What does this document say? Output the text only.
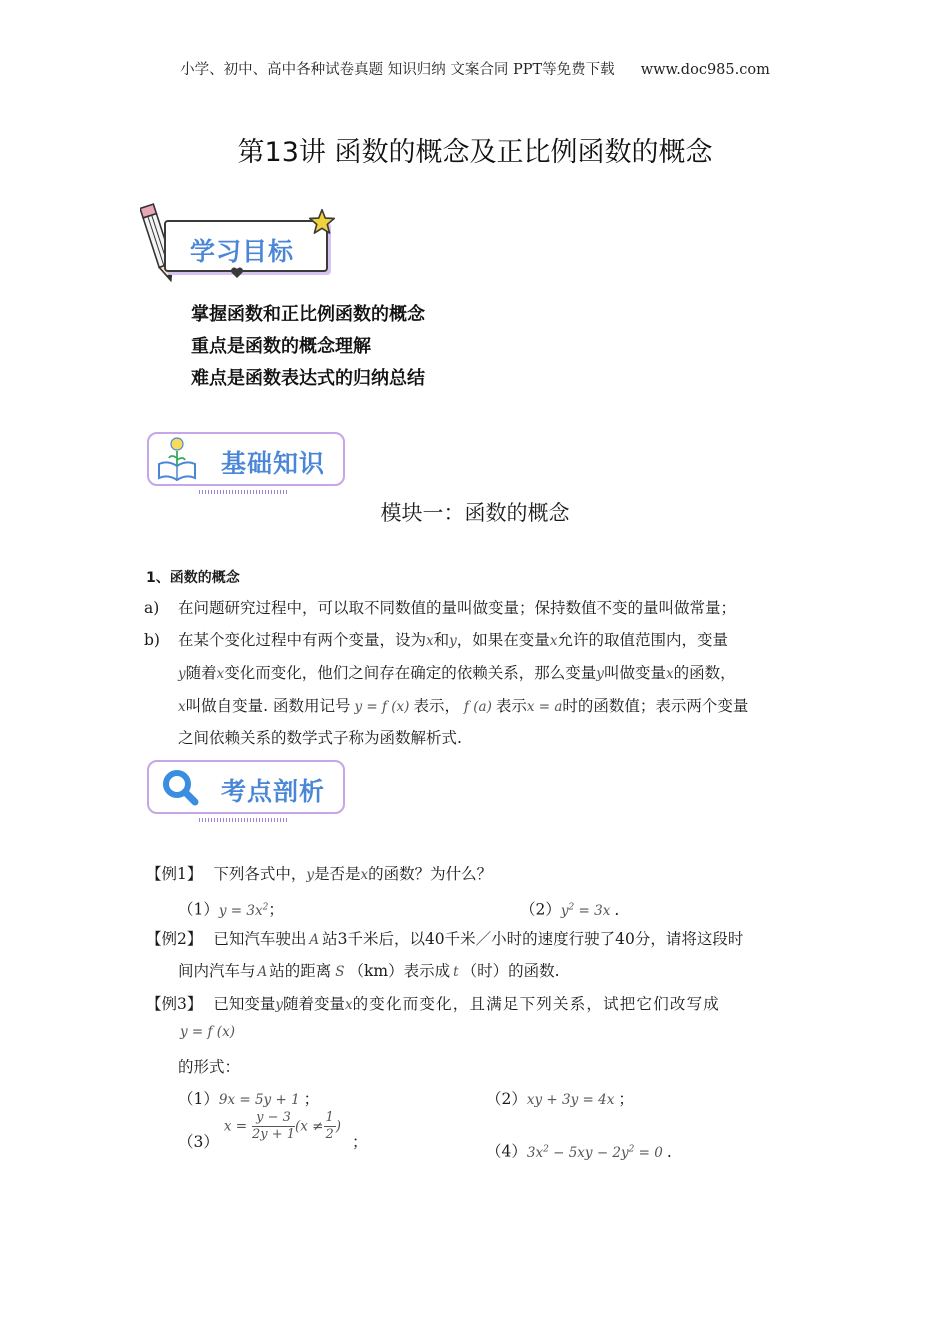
小学、初中、高中各种试卷真题 知识归纳 文案合同 PPT等免费下载 www.doc985.com
第13讲 函数的概念及正比例函数的概念
学习目标
掌握函数和正比例函数的概念
重点是函数的概念理解
难点是函数表达式的归纳总结
基础知识
模块一：函数的概念
1、函数的概念
a) 在问题研究过程中，可以取不同数值的量叫做变量；保持数值不变的量叫做常量；
b) 在某个变化过程中有两个变量，设为x和y，如果在变量x允许的取值范围内，变量
y随着x变化而变化，他们之间存在确定的依赖关系，那么变量y叫做变量x的函数，
x叫做自变量. 函数用记号 y = f (x) 表示， f (a) 表示x = a时的函数值；表示两个变量
之间依赖关系的数学式子称为函数解析式.
考点剖析
【例1】 下列各式中，y是否是x的函数？为什么？
$(1)y = 3x^2$；	$(2)y^2 = 3x$ .
【例2】 已知汽车驶出 A 站3千米后，以40千米／小时的速度行驶了40分，请将这段时
间内汽车与 A 站的距离 S （km）表示成 t （时）的函数.
【例3】 已知变量y随着变量x的变化而变化，且满足下列关系，试把它们改写成
y = f (x)
的形式：
（1）9x = 5y + 1 ；	（2）xy + 3y = 4x ；
（3） $x = \frac{y - 3}{2y + 1} (x \ne \frac{1}{2}$ ) ；
$(4)3x^2 - 5xy - 2y^2 = 0$ .
